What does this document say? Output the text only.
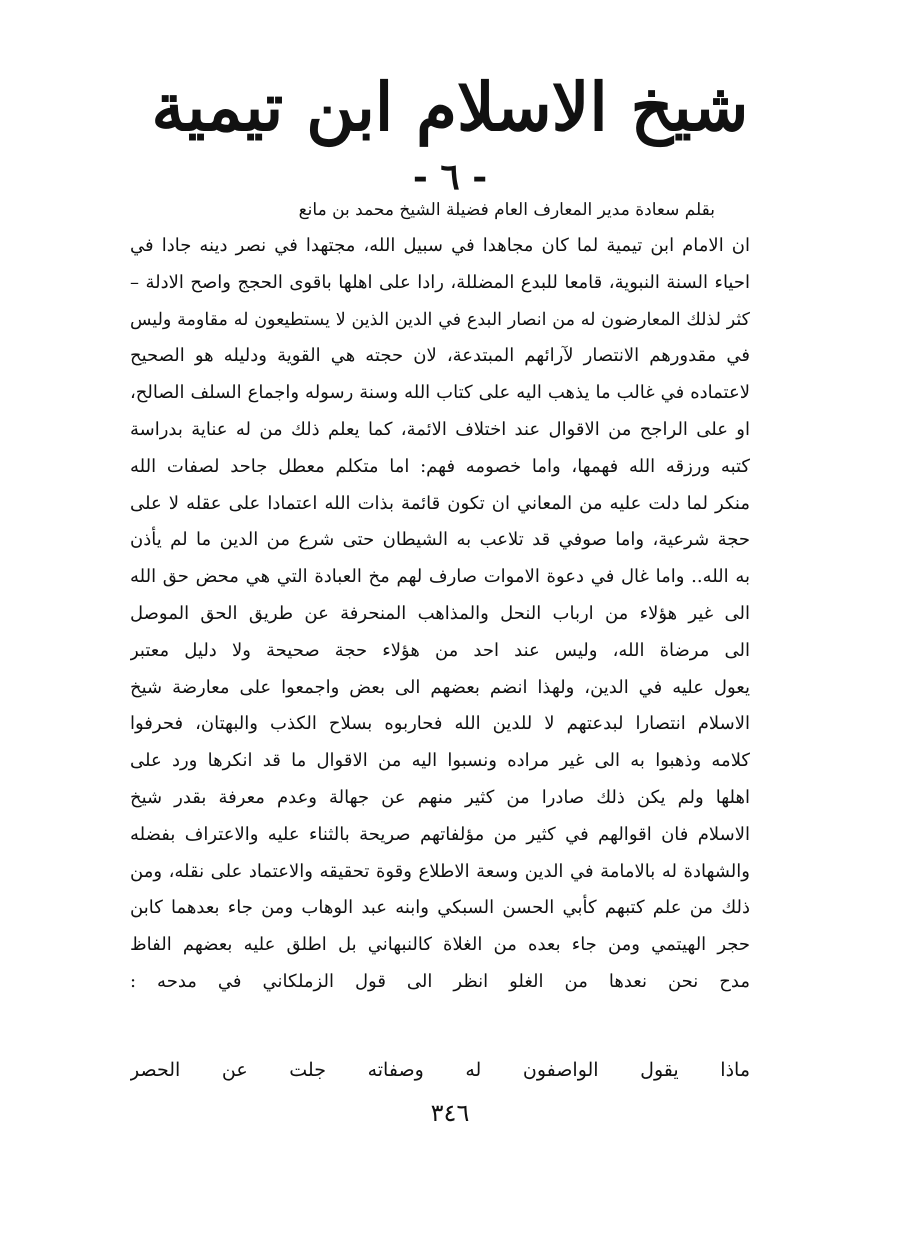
شيخ الاسلام ابن تيمية
- ٦ -
بقلم سعادة مدير المعارف العام فضيلة الشيخ محمد بن مانع
ان الامام ابن تيمية لما كان مجاهدا في سبيل الله، مجتهدا في نصر دينه جادا في
احياء السنة النبوية، قامعا للبدع المضللة، رادا على اهلها باقوى الحجج واصح الادلة –
كثر لذلك المعارضون له من انصار البدع في الدين الذين لا يستطيعون له مقاومة وليس
في مقدورهم الانتصار لآرائهم المبتدعة، لان حجته هي القوية ودليله هو الصحيح
لاعتماده في غالب ما يذهب اليه على كتاب الله وسنة رسوله واجماع السلف الصالح،
او على الراجح من الاقوال عند اختلاف الائمة، كما يعلم ذلك من له عناية بدراسة
كتبه ورزقه الله فهمها، واما خصومه فهم: اما متكلم معطل جاحد لصفات الله
منكر لما دلت عليه من المعاني ان تكون قائمة بذات الله اعتمادا على عقله لا على
حجة شرعية، واما صوفي قد تلاعب به الشيطان حتى شرع من الدين ما لم يأذن
به الله.. واما غال في دعوة الاموات صارف لهم مخ العبادة التي هي محض حق الله
الى غير هؤلاء من ارباب النحل والمذاهب المنحرفة عن طريق الحق الموصل
الى مرضاة الله، وليس عند احد من هؤلاء حجة صحيحة ولا دليل معتبر
يعول عليه في الدين، ولهذا انضم بعضهم الى بعض واجمعوا على معارضة شيخ
الاسلام انتصارا لبدعتهم لا للدين الله فحاربوه بسلاح الكذب والبهتان، فحرفوا
كلامه وذهبوا به الى غير مراده ونسبوا اليه من الاقوال ما قد انكرها ورد على
اهلها ولم يكن ذلك صادرا من كثير منهم عن جهالة وعدم معرفة بقدر شيخ
الاسلام فان اقوالهم في كثير من مؤلفاتهم صريحة بالثناء عليه والاعتراف بفضله
والشهادة له بالامامة في الدين وسعة الاطلاع وقوة تحقيقه والاعتماد على نقله، ومن
ذلك من علم كتبهم كأبي الحسن السبكي وابنه عبد الوهاب ومن جاء بعدهما كابن
حجر الهيتمي ومن جاء بعده من الغلاة كالنبهاني بل اطلق عليه بعضهم الفاظ
مدح نحن نعدها من الغلو انظر الى قول الزملكاني في مدحه :
ماذا يقول الواصفون له وصفاته جلت عن الحصر
٣٤٦
